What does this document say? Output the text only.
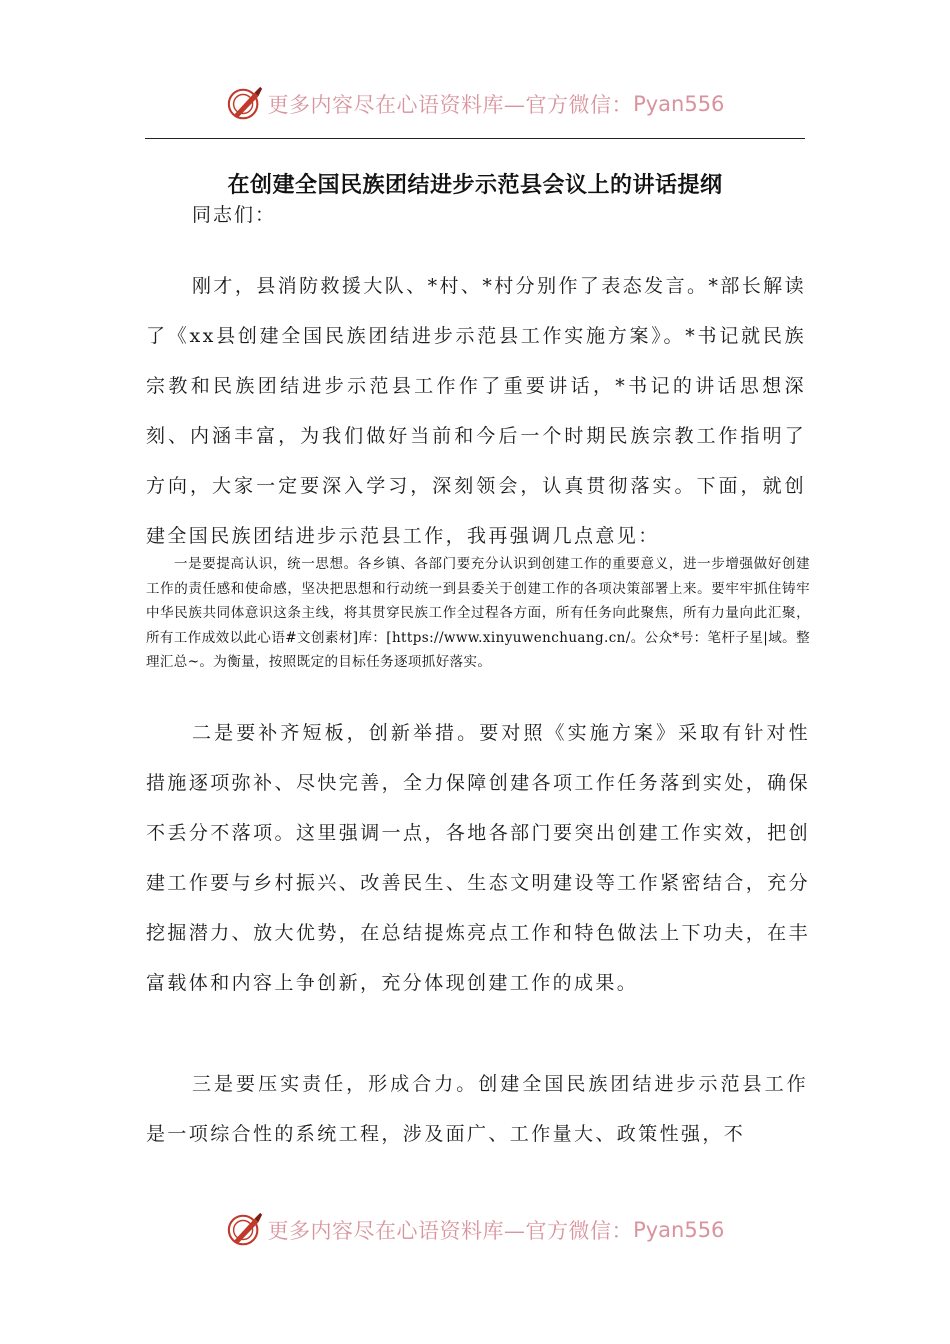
更多内容尽在心语资料库—官方微信： Pyan556
在创建全国民族团结进步示范县会议上的讲话提纲
同志们：
刚才，县消防救援大队、*村、*村分别作了表态发言。*部长解读了《xx县创建全国民族团结进步示范县工作实施方案》。*书记就民族宗教和民族团结进步示范县工作作了重要讲话，*书记的讲话思想深刻、内涵丰富，为我们做好当前和今后一个时期民族宗教工作指明了方向，大家一定要深入学习，深刻领会，认真贯彻落实。下面，就创建全国民族团结进步示范县工作，我再强调几点意见：
一是要提高认识，统一思想。各乡镇、各部门要充分认识到创建工作的重要意义，进一步增强做好创建工作的责任感和使命感，坚决把思想和行动统一到县委关于创建工作的各项决策部署上来。要牢牢抓住铸牢中华民族共同体意识这条主线，将其贯穿民族工作全过程各方面，所有任务向此聚焦，所有力量向此汇聚，所有工作成效以此心语#文创素材]库：[https://www.xinyuwenchuang.cn/。公众*号：笔杆子星|域。整理汇总~。为衡量，按照既定的目标任务逐项抓好落实。
二是要补齐短板，创新举措。要对照《实施方案》采取有针对性措施逐项弥补、尽快完善，全力保障创建各项工作任务落到实处，确保不丢分不落项。这里强调一点，各地各部门要突出创建工作实效，把创建工作要与乡村振兴、改善民生、生态文明建设等工作紧密结合，充分挖掘潜力、放大优势，在总结提炼亮点工作和特色做法上下功夫，在丰富载体和内容上争创新，充分体现创建工作的成果。
三是要压实责任，形成合力。创建全国民族团结进步示范县工作是一项综合性的系统工程，涉及面广、工作量大、政策性强，不
更多内容尽在心语资料库—官方微信： Pyan556
